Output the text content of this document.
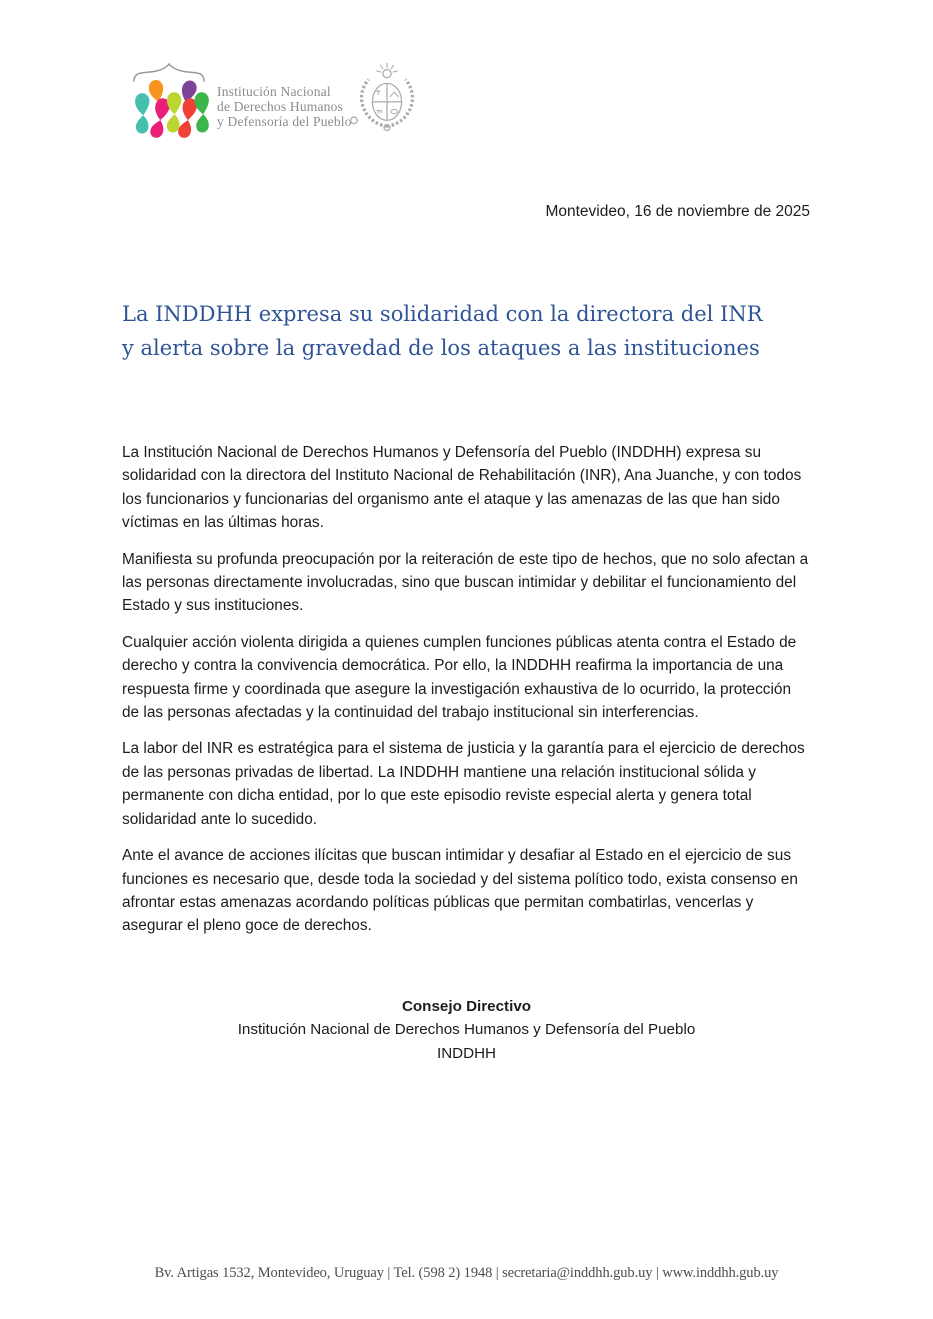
Institución Nacional
de Derechos Humanos
y Defensoría del Pueblo
Montevideo, 16 de noviembre de 2025
La INDDHH expresa su solidaridad con la directora del INR
y alerta sobre la gravedad de los ataques a las instituciones

La Institución Nacional de Derechos Humanos y Defensoría del Pueblo (INDDHH) expresa su solidaridad con la directora del Instituto Nacional de Rehabilitación (INR), Ana Juanche, y con todos los funcionarios y funcionarias del organismo ante el ataque y las amenazas de las que han sido víctimas en las últimas horas.

Manifiesta su profunda preocupación por la reiteración de este tipo de hechos, que no solo afectan a las personas directamente involucradas, sino que buscan intimidar y debilitar el funcionamiento del Estado y sus instituciones.

Cualquier acción violenta dirigida a quienes cumplen funciones públicas atenta contra el Estado de derecho y contra la convivencia democrática. Por ello, la INDDHH reafirma la importancia de una respuesta firme y coordinada que asegure la investigación exhaustiva de lo ocurrido, la protección de las personas afectadas y la continuidad del trabajo institucional sin interferencias.

La labor del INR es estratégica para el sistema de justicia y la garantía para el ejercicio de derechos de las personas privadas de libertad. La INDDHH mantiene una relación institucional sólida y permanente con dicha entidad, por lo que este episodio reviste especial alerta y genera total solidaridad ante lo sucedido.

Ante el avance de acciones ilícitas que buscan intimidar y desafiar al Estado en el ejercicio de sus funciones es necesario que, desde toda la sociedad y del sistema político todo, exista consenso en afrontar estas amenazas acordando políticas públicas que permitan combatirlas, vencerlas y asegurar el pleno goce de derechos.

Consejo Directivo
Institución Nacional de Derechos Humanos y Defensoría del Pueblo
INDDHH
Bv. Artigas 1532, Montevideo, Uruguay | Tel. (598 2) 1948 | secretaria@inddhh.gub.uy | www.inddhh.gub.uy
